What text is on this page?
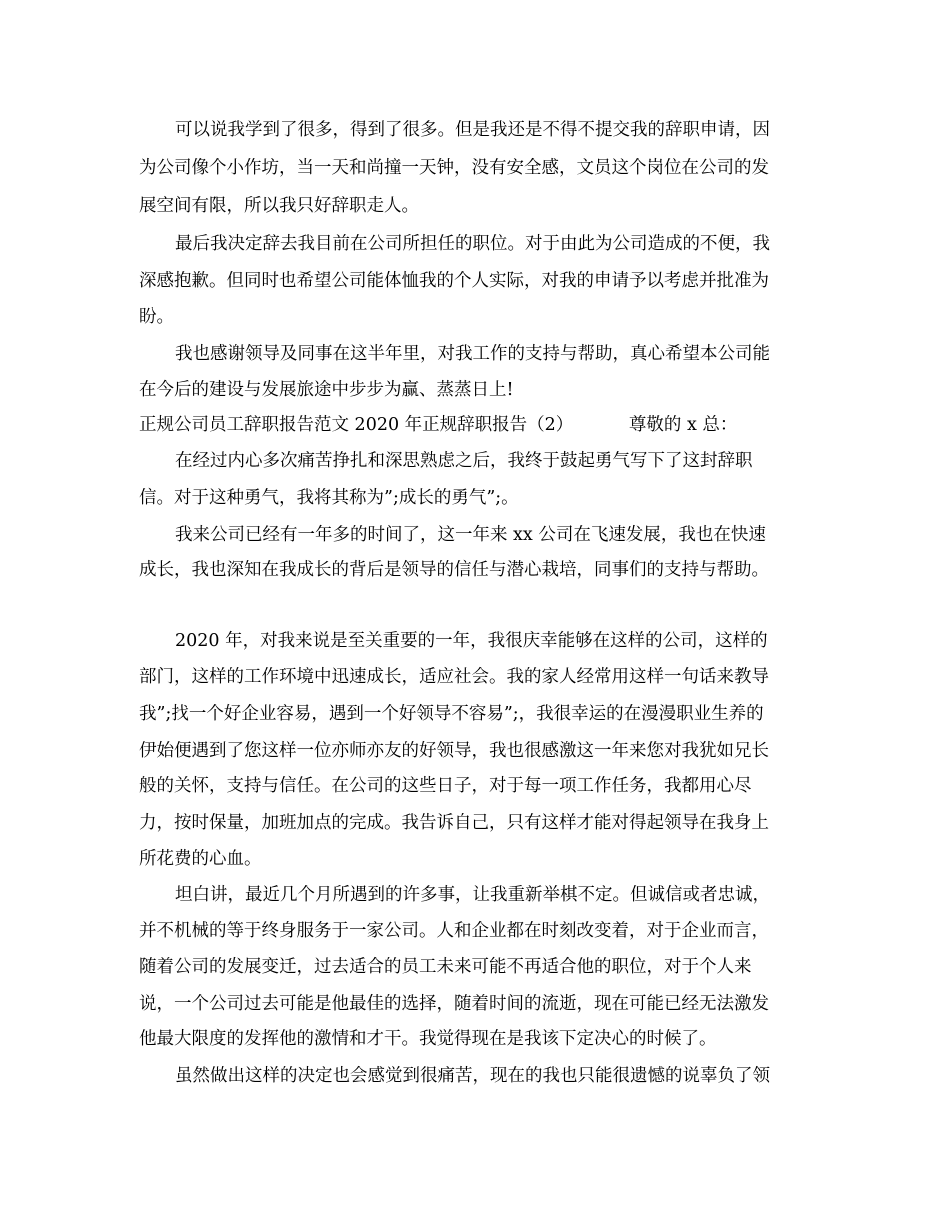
可以说我学到了很多，得到了很多。但是我还是不得不提交我的辞职申请，因
为公司像个小作坊，当一天和尚撞一天钟，没有安全感，文员这个岗位在公司的发
展空间有限，所以我只好辞职走人。
最后我决定辞去我目前在公司所担任的职位。对于由此为公司造成的不便，我
深感抱歉。但同时也希望公司能体恤我的个人实际，对我的申请予以考虑并批准为
盼。
我也感谢领导及同事在这半年里，对我工作的支持与帮助，真心希望本公司能
在今后的建设与发展旅途中步步为赢、蒸蒸日上!
正规公司员工辞职报告范文 2020 年正规辞职报告（2）          尊敬的 x 总：
在经过内心多次痛苦挣扎和深思熟虑之后，我终于鼓起勇气写下了这封辞职
信。对于这种勇气，我将其称为”;成长的勇气”;。
我来公司已经有一年多的时间了，这一年来 xx 公司在飞速发展，我也在快速
成长，我也深知在我成长的背后是领导的信任与潜心栽培，同事们的支持与帮助。
2020 年，对我来说是至关重要的一年，我很庆幸能够在这样的公司，这样的
部门，这样的工作环境中迅速成长，适应社会。我的家人经常用这样一句话来教导
我”;找一个好企业容易，遇到一个好领导不容易”;，我很幸运的在漫漫职业生养的
伊始便遇到了您这样一位亦师亦友的好领导，我也很感激这一年来您对我犹如兄长
般的关怀，支持与信任。在公司的这些日子，对于每一项工作任务，我都用心尽
力，按时保量，加班加点的完成。我告诉自己，只有这样才能对得起领导在我身上
所花费的心血。
坦白讲，最近几个月所遇到的许多事，让我重新举棋不定。但诚信或者忠诚，
并不机械的等于终身服务于一家公司。人和企业都在时刻改变着，对于企业而言，
随着公司的发展变迁，过去适合的员工未来可能不再适合他的职位，对于个人来
说，一个公司过去可能是他最佳的选择，随着时间的流逝，现在可能已经无法激发
他最大限度的发挥他的激情和才干。我觉得现在是我该下定决心的时候了。
虽然做出这样的决定也会感觉到很痛苦，现在的我也只能很遗憾的说辜负了领
